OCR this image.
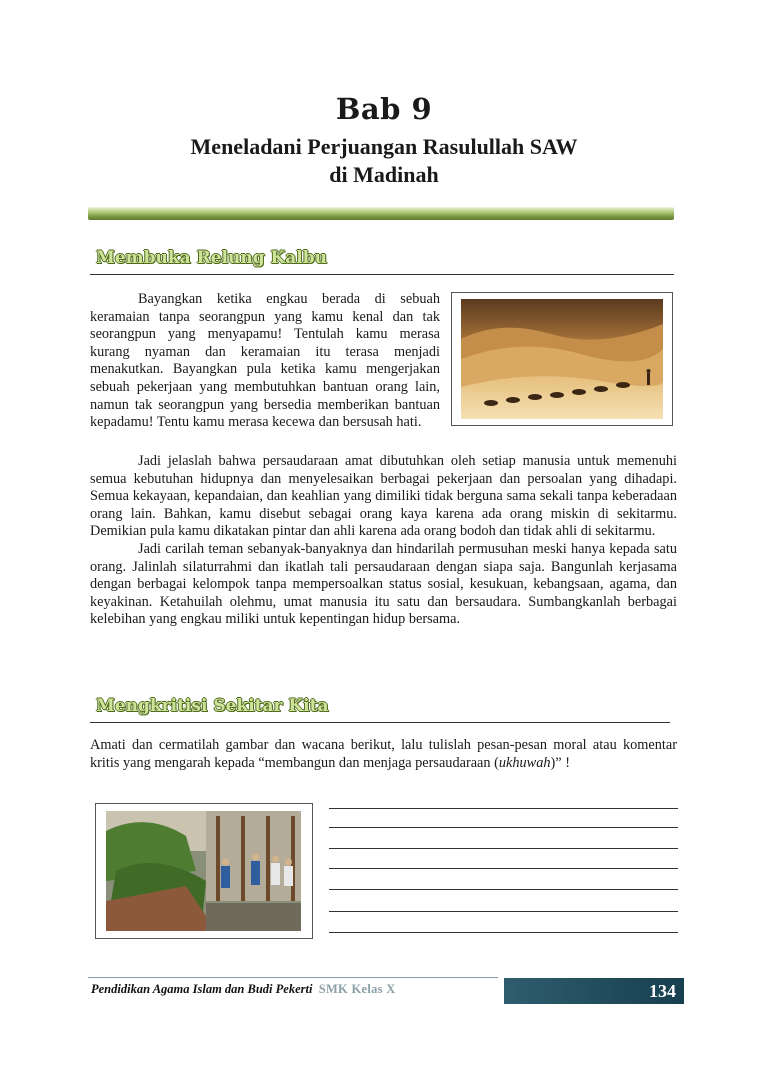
Bab 9
Meneladani Perjuangan Rasulullah SAW
di Madinah
Membuka Relung Kalbu
Bayangkan ketika engkau berada di sebuah keramaian tanpa seorangpun yang kamu kenal dan tak seorangpun yang menyapamu! Tentulah kamu merasa kurang nyaman dan keramaian itu terasa menjadi menakutkan. Bayangkan pula ketika kamu mengerjakan sebuah pekerjaan yang membutuhkan bantuan orang lain, namun tak seorangpun yang bersedia memberikan bantuan kepadamu! Tentu kamu merasa kecewa dan bersusah hati.
Jadi jelaslah bahwa persaudaraan amat dibutuhkan oleh setiap manusia untuk memenuhi semua kebutuhan hidupnya dan menyelesaikan berbagai pekerjaan dan persoalan yang dihadapi. Semua kekayaan, kepandaian, dan keahlian yang dimiliki tidak berguna sama sekali tanpa keberadaan orang lain. Bahkan, kamu disebut sebagai orang kaya karena ada orang miskin di sekitarmu. Demikian pula kamu dikatakan pintar dan ahli karena ada orang bodoh dan tidak ahli di sekitarmu.
Jadi carilah teman sebanyak-banyaknya dan hindarilah permusuhan meski hanya kepada satu orang. Jalinlah silaturrahmi dan ikatlah tali persaudaraan dengan siapa saja. Bangunlah kerjasama dengan berbagai kelompok tanpa mempersoalkan status sosial, kesukuan, kebangsaan, agama, dan keyakinan. Ketahuilah olehmu, umat manusia itu satu dan bersaudara. Sumbangkanlah berbagai kelebihan yang engkau miliki untuk kepentingan hidup bersama.
Mengkritisi Sekitar Kita
Amati dan cermatilah gambar dan wacana berikut, lalu tulislah pesan-pesan moral atau komentar kritis yang mengarah kepada “membangun dan menjaga persaudaraan (ukhuwah)” !
Pendidikan Agama Islam dan Budi Pekerti SMK Kelas X	134
